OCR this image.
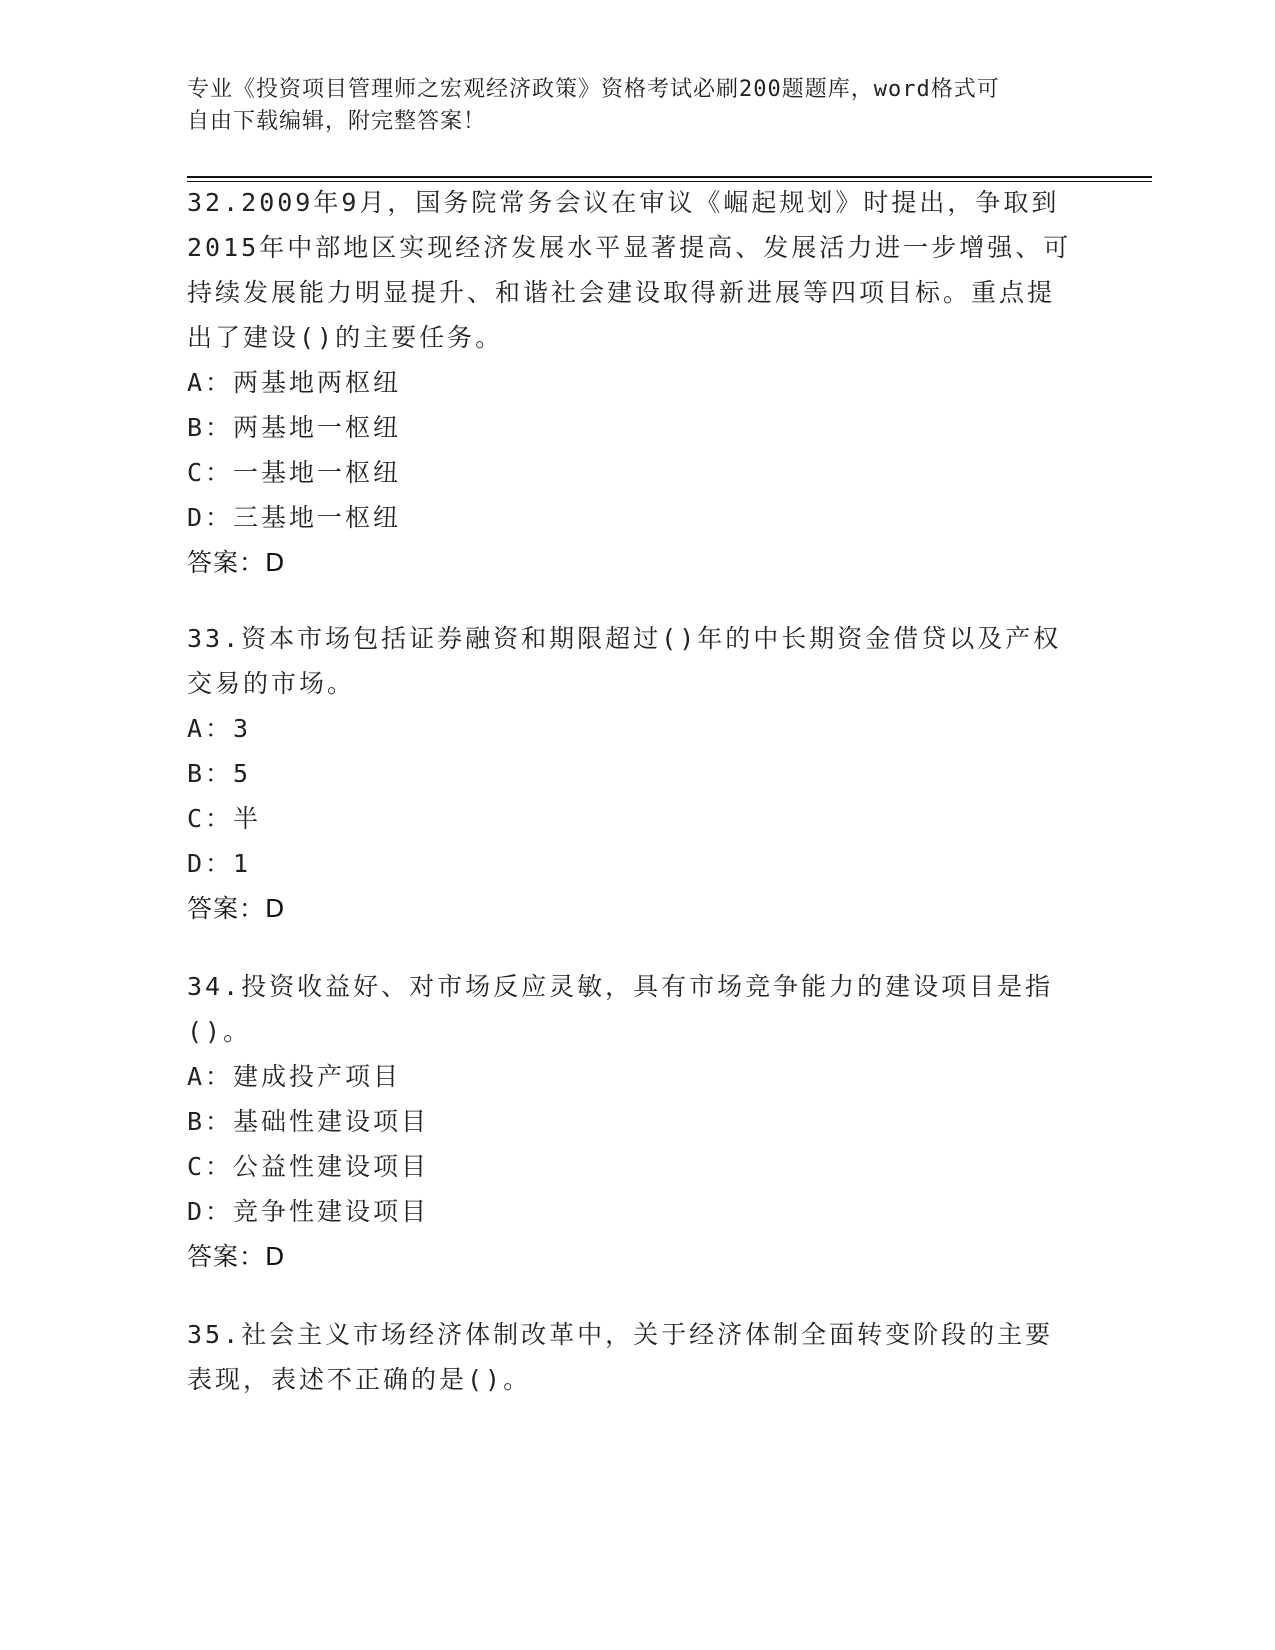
专业《投资项目管理师之宏观经济政策》资格考试必刷200题题库，word格式可
自由下载编辑，附完整答案！

32.2009年9月，国务院常务会议在审议《崛起规划》时提出，争取到2015年中部地区实现经济发展水平显著提高、发展活力进一步增强、可持续发展能力明显提升、和谐社会建设取得新进展等四项目标。重点提出了建设()的主要任务。

A：两基地两枢纽

B：两基地一枢纽

C：一基地一枢纽

D：三基地一枢纽

答案：D

33.资本市场包括证券融资和期限超过()年的中长期资金借贷以及产权交易的市场。

A：3

B：5

C：半

D：1

答案：D

34.投资收益好、对市场反应灵敏，具有市场竞争能力的建设项目是指()。

A：建成投产项目

B：基础性建设项目

C：公益性建设项目

D：竞争性建设项目

答案：D

35.社会主义市场经济体制改革中，关于经济体制全面转变阶段的主要表现，表述不正确的是()。
